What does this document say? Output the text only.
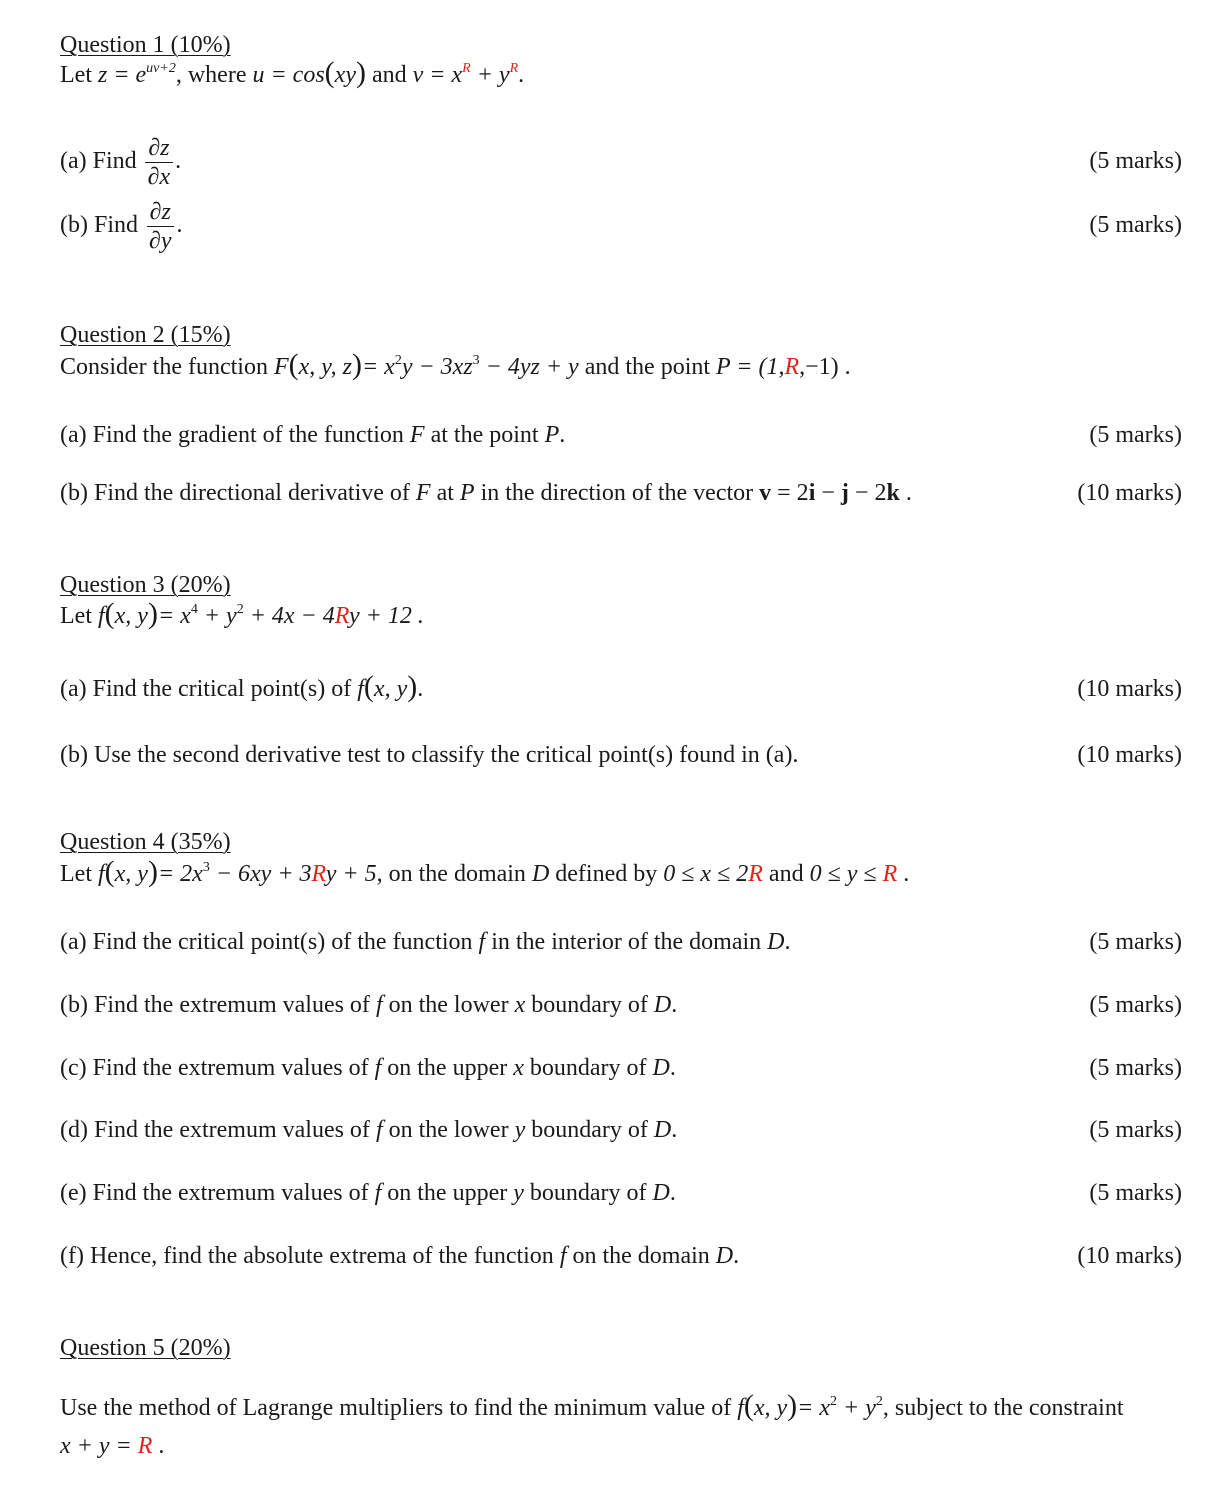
Question 1 (10%)
Let $z = e^{uv+2}$, where u = cos(xy) and $v = x^R + y^R$.
(a) Find $\frac{\partial z}{\partial x}$ .	(5 marks)
(b) Find $\frac{\partial z}{\partial y}$ .	(5 marks)
Question 2 (15%)
Consider the function F(x, y, $z)= x^2y - 3xz^3 - 4yz + y$ and the point P = (1,R,−1) .
(a) Find the gradient of the function F at the point P.	(5 marks)
(b) Find the directional derivative of F at P in the direction of the vector v = 2i − j − 2k .	(10 marks)
Question 3 (20%)
Let f(x, $y)= x^4 + y^2 + 4x - 4Ry + 12$ .
(a) Find the critical point(s) of f(x, y).	(10 marks)
(b) Use the second derivative test to classify the critical point(s) found in (a).	(10 marks)
Question 4 (35%)
Let f(x, $y)= 2x^3 - 6xy + 3Ry + 5$, on the domain D defined by 0 ≤ x ≤ 2R and 0 ≤ y ≤ R .
(a) Find the critical point(s) of the function f in the interior of the domain D.	(5 marks)
(b) Find the extremum values of f on the lower x boundary of D.	(5 marks)
(c) Find the extremum values of f on the upper x boundary of D.	(5 marks)
(d) Find the extremum values of f on the lower y boundary of D.	(5 marks)
(e) Find the extremum values of f on the upper y boundary of D.	(5 marks)
(f) Hence, find the absolute extrema of the function f on the domain D.	(10 marks)
Question 5 (20%)
Use the method of Lagrange multipliers to find the minimum value of f(x, $y)= x^2 + y^2$, subject to the constraint
x + y = R .
